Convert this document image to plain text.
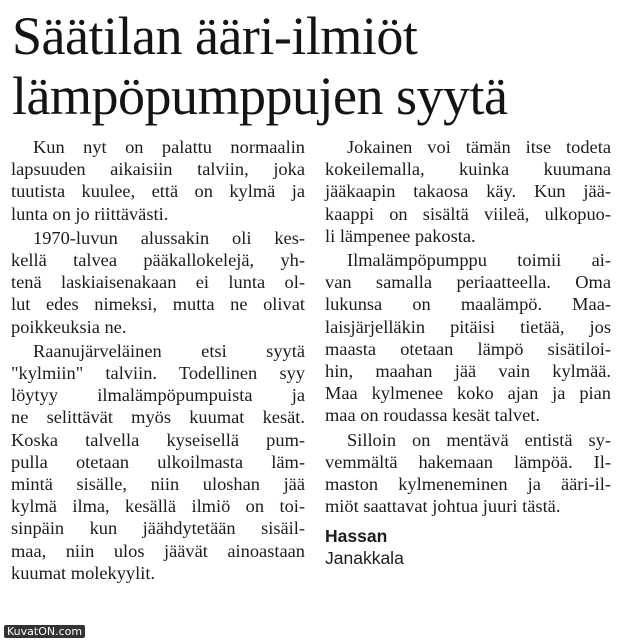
Säätilan ääri-ilmiöt
lämpöpumppujen syytä

Kun nyt on palattu normaalin
lapsuuden aikaisiin talviin, joka
tuutista kuulee, että on kylmä ja
lunta on jo riittävästi.

1970-luvun alussakin oli kes-
kellä talvea pääkallokelejä, yh-
tenä laskiaisenakaan ei lunta ol-
lut edes nimeksi, mutta ne olivat
poikkeuksia ne.

Raanujärveläinen etsi syytä
"kylmiin" talviin. Todellinen syy
löytyy ilmalämpöpumpuista ja
ne selittävät myös kuumat kesät.
Koska talvella kyseisellä pum-
pulla otetaan ulkoilmasta läm-
mintä sisälle, niin uloshan jää
kylmä ilma, kesällä ilmiö on toi-
sinpäin kun jäähdytetään sisäil-
maa, niin ulos jäävät ainoastaan
kuumat molekyylit.

Jokainen voi tämän itse todeta
kokeilemalla, kuinka kuumana
jääkaapin takaosa käy. Kun jää-
kaappi on sisältä viileä, ulkopuo-
li lämpenee pakosta.

Ilmalämpöpumppu toimii ai-
van samalla periaatteella. Oma
lukunsa on maalämpö. Maa-
laisjärjelläkin pitäisi tietää, jos
maasta otetaan lämpö sisätiloi-
hin, maahan jää vain kylmää.
Maa kylmenee koko ajan ja pian
maa on roudassa kesät talvet.

Silloin on mentävä entistä sy-
vemmältä hakemaan lämpöä. Il-
maston kylmeneminen ja ääri-il-
miöt saattavat johtua juuri tästä.

Hassan
Janakkala
KuvatON.com
